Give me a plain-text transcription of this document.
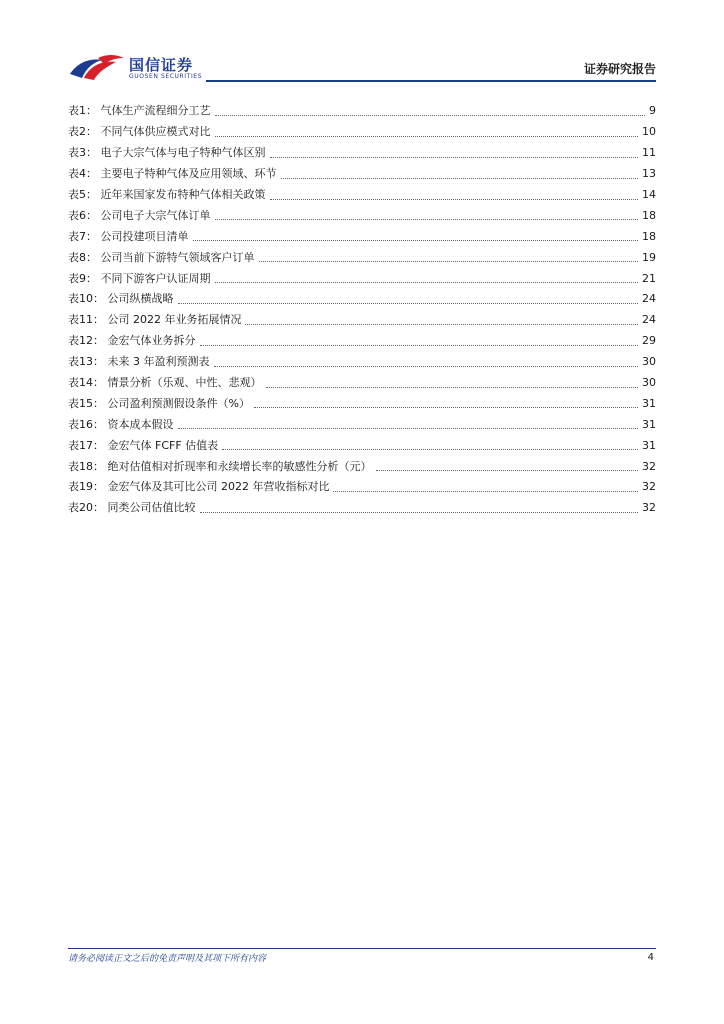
国信证券
GUOSEN SECURITIES
证券研究报告
表1： 气体生产流程细分工艺	9
表2： 不同气体供应模式对比	10
表3： 电子大宗气体与电子特种气体区别	11
表4： 主要电子特种气体及应用领域、环节	13
表5： 近年来国家发布特种气体相关政策	14
表6： 公司电子大宗气体订单	18
表7： 公司投建项目清单	18
表8： 公司当前下游特气领域客户订单	19
表9： 不同下游客户认证周期	21
表10： 公司纵横战略	24
表11： 公司 2022 年业务拓展情况	24
表12： 金宏气体业务拆分	29
表13： 未来 3 年盈利预测表	30
表14： 情景分析（乐观、中性、悲观）	30
表15： 公司盈利预测假设条件（%）	31
表16： 资本成本假设	31
表17： 金宏气体 FCFF 估值表	31
表18： 绝对估值相对折现率和永续增长率的敏感性分析（元）	32
表19： 金宏气体及其可比公司 2022 年营收指标对比	32
表20： 同类公司估值比较	32
请务必阅读正文之后的免责声明及其项下所有内容	4
